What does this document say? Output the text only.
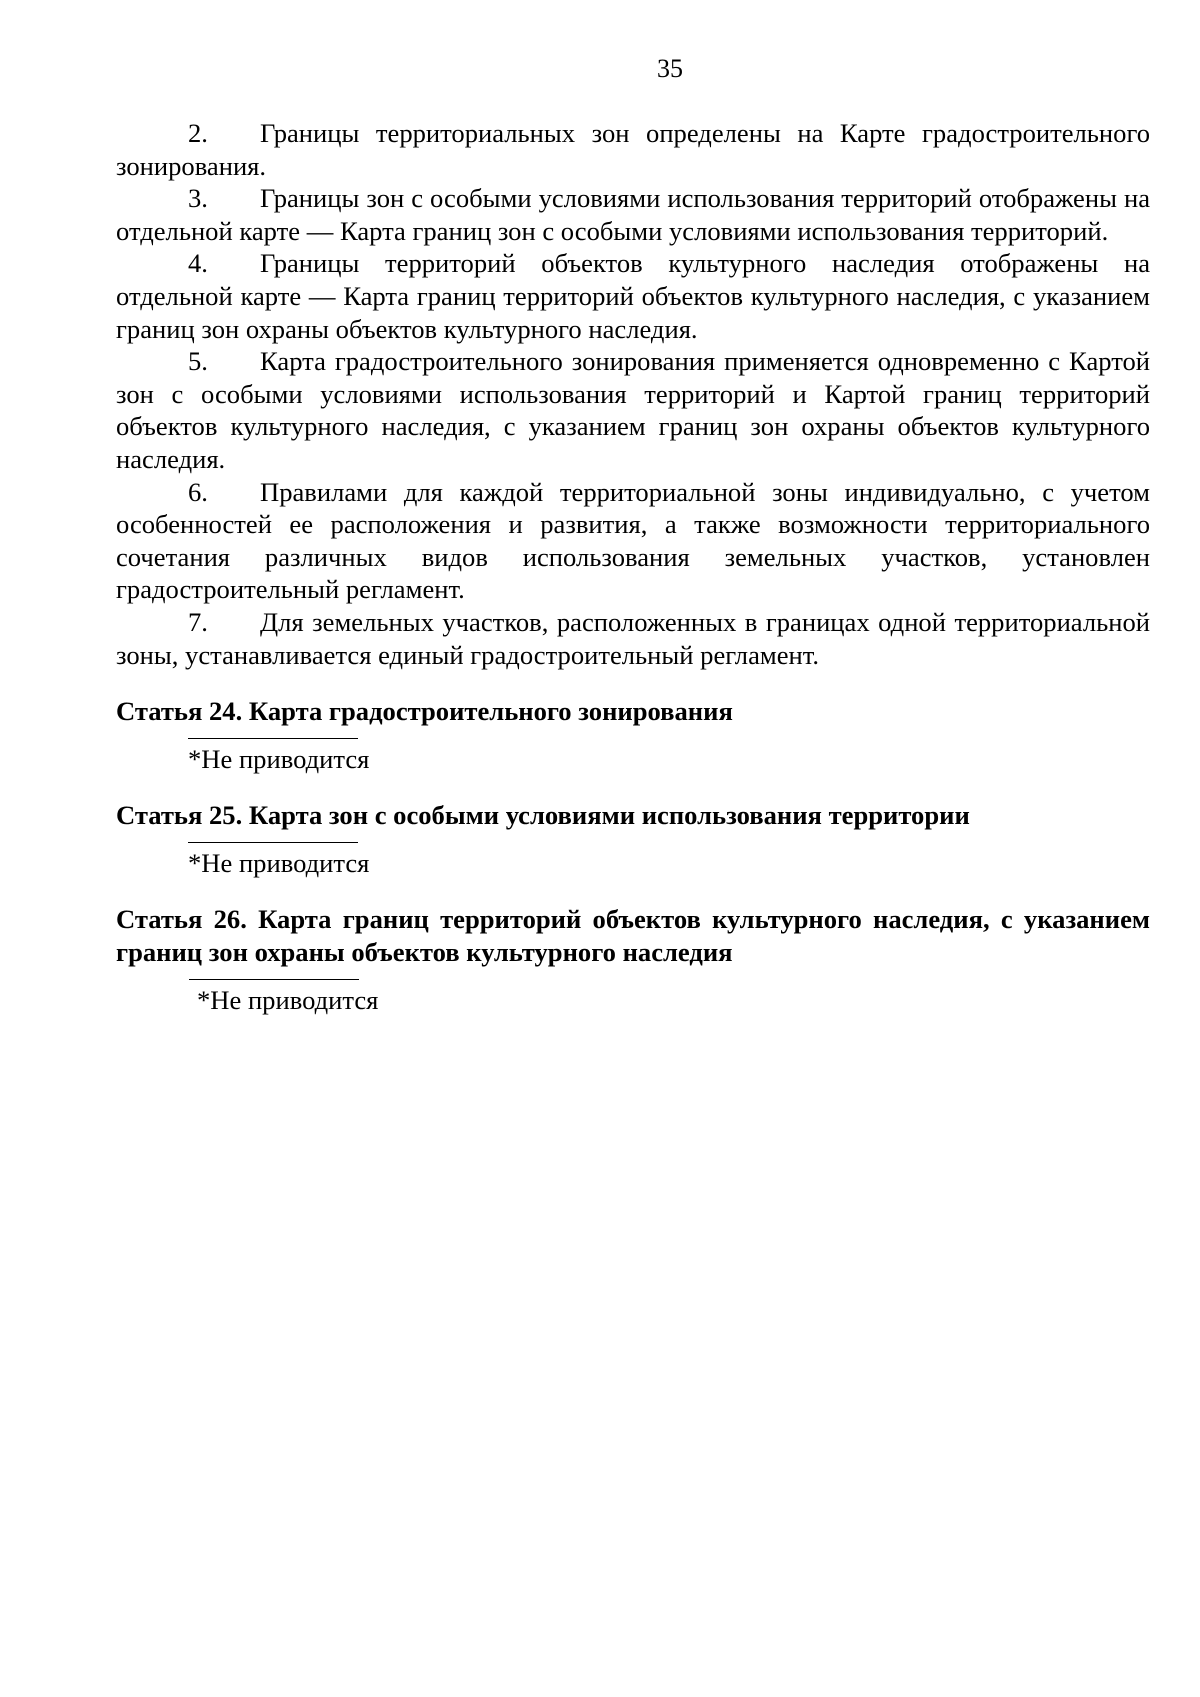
35

2. Границы территориальных зон определены на Карте градостроительного зонирования.

3. Границы зон с особыми условиями использования территорий отображены на отдельной карте — Карта границ зон с особыми условиями использования территорий.

4. Границы территорий объектов культурного наследия отображены на отдельной карте — Карта границ территорий объектов культурного наследия, с указанием границ зон охраны объектов культурного наследия.

5. Карта градостроительного зонирования применяется одновременно с Картой зон с особыми условиями использования территорий и Картой границ территорий объектов культурного наследия, с указанием границ зон охраны объектов культурного наследия.

6. Правилами для каждой территориальной зоны индивидуально, с учетом особенностей ее расположения и развития, а также возможности территориального сочетания различных видов использования земельных участков, установлен градостроительный регламент.

7. Для земельных участков, расположенных в границах одной территориальной зоны, устанавливается единый градостроительный регламент.

Статья 24. Карта градостроительного зонирования

*Не приводится

Статья 25. Карта зон с особыми условиями использования территории

*Не приводится

Статья 26. Карта границ территорий объектов культурного наследия, с указанием границ зон охраны объектов культурного наследия

*Не приводится
